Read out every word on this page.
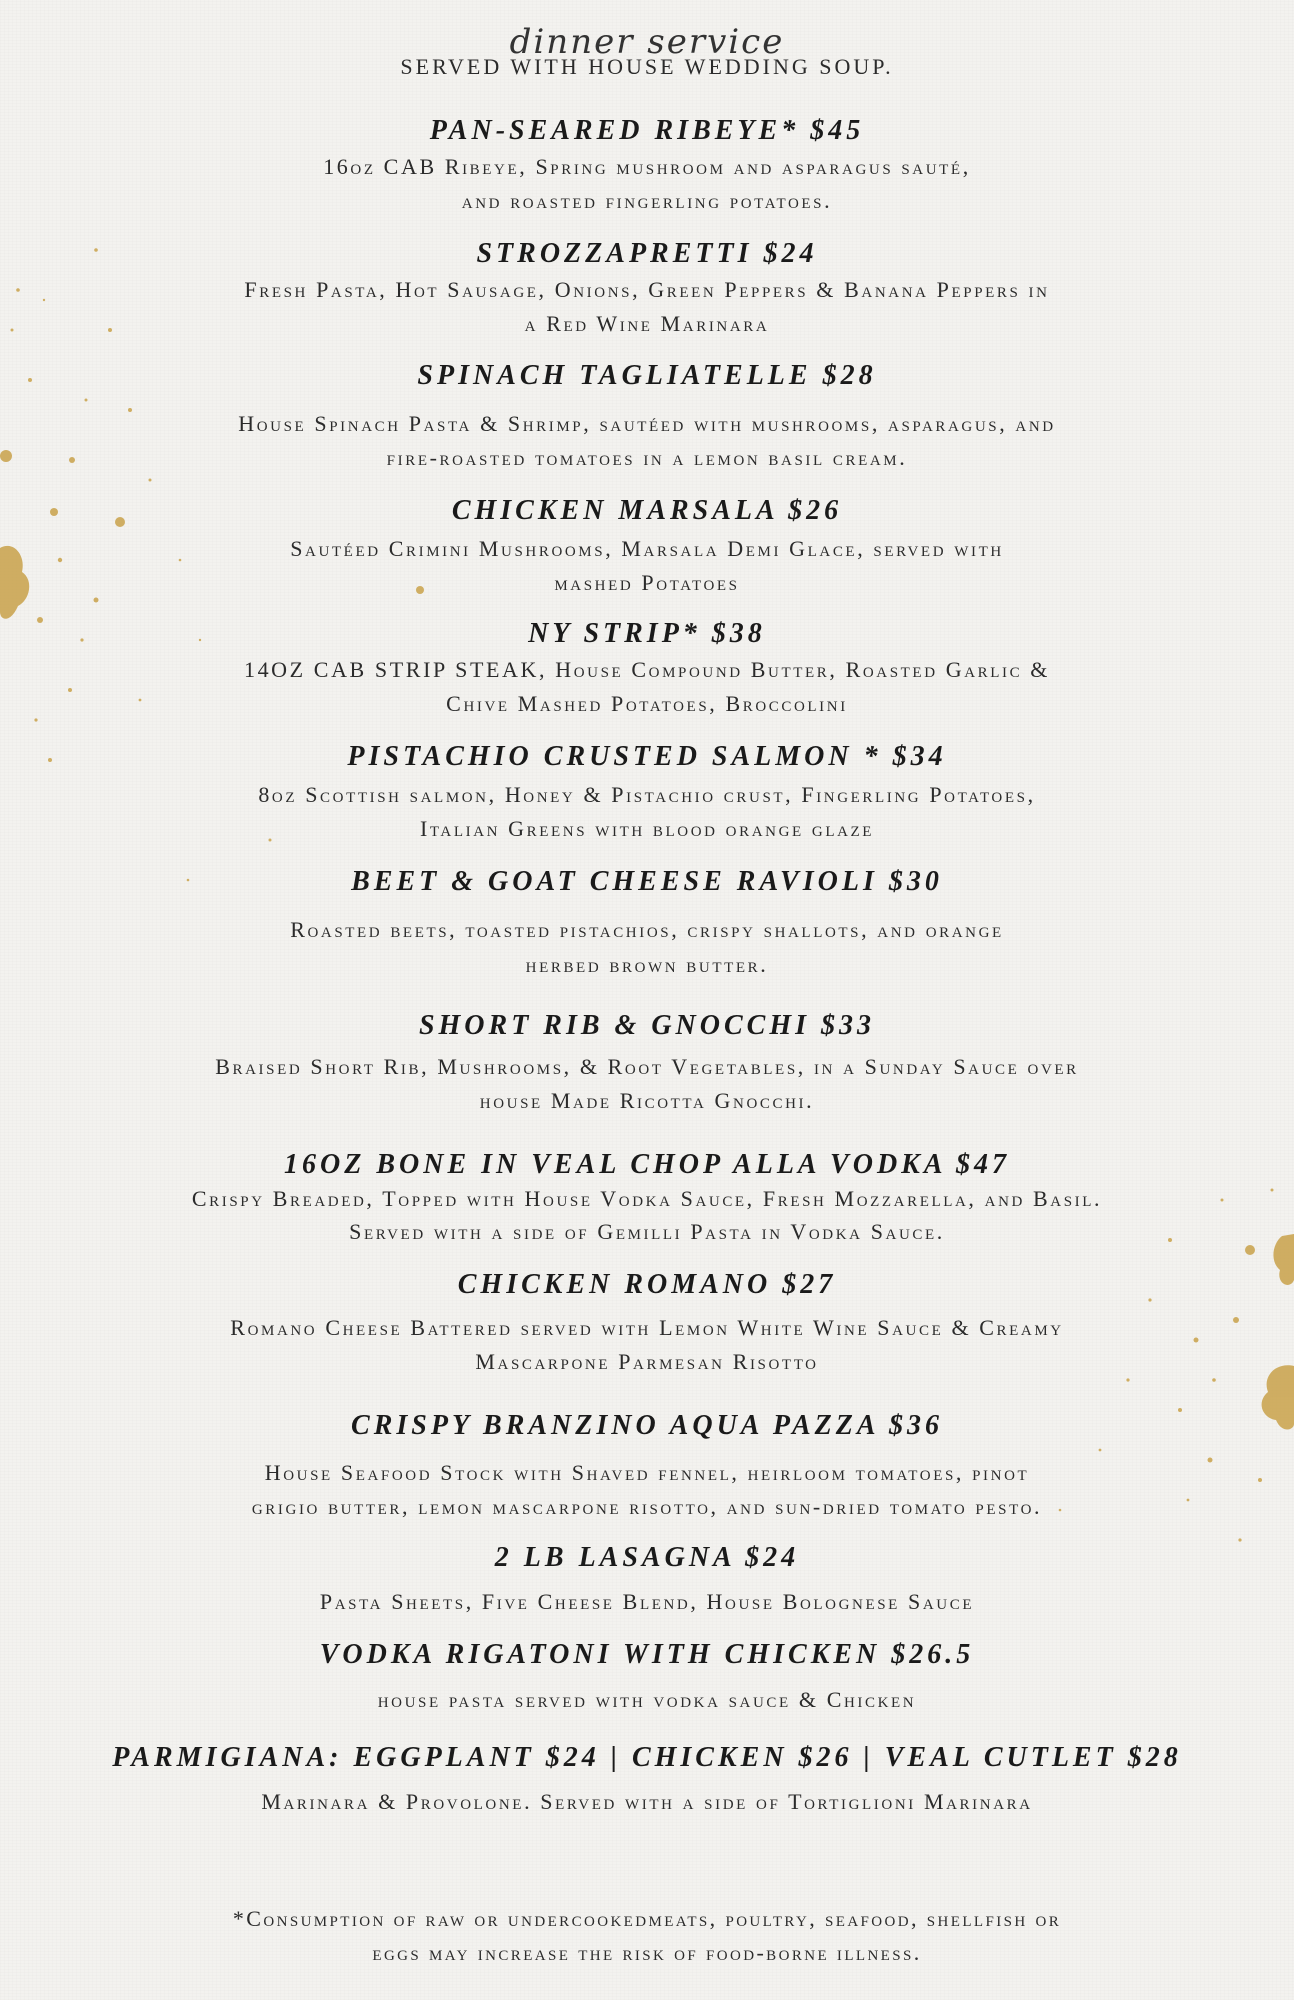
dinner service
SERVED WITH HOUSE WEDDING SOUP.
PAN-SEARED RIBEYE* $45
16oz CAB Ribeye, Spring mushroom and asparagus sauté,
and roasted fingerling potatoes.
STROZZAPRETTI $24
Fresh Pasta, Hot Sausage, Onions, Green Peppers & Banana Peppers in
a Red Wine Marinara
SPINACH TAGLIATELLE $28
House Spinach Pasta & Shrimp, sautéed with mushrooms, asparagus, and
fire-roasted tomatoes in a lemon basil cream.
CHICKEN MARSALA $26
Sautéed Crimini Mushrooms, Marsala Demi Glace, served with
mashed Potatoes
NY STRIP* $38
14OZ CAB STRIP STEAK, House Compound Butter, Roasted Garlic &
Chive Mashed Potatoes, Broccolini
PISTACHIO CRUSTED SALMON * $34
8oz Scottish salmon, Honey & Pistachio crust, Fingerling Potatoes,
Italian Greens with blood orange glaze
BEET & GOAT CHEESE RAVIOLI $30
Roasted beets, toasted pistachios, crispy shallots, and orange
herbed brown butter.
SHORT RIB & GNOCCHI $33
Braised Short Rib, Mushrooms, & Root Vegetables, in a Sunday Sauce over
house Made Ricotta Gnocchi.
16OZ BONE IN VEAL CHOP ALLA VODKA $47
Crispy Breaded, Topped with House Vodka Sauce, Fresh Mozzarella, and Basil.
Served with a side of Gemilli Pasta in Vodka Sauce.
CHICKEN ROMANO $27
Romano Cheese Battered served with Lemon White Wine Sauce & Creamy
Mascarpone Parmesan Risotto
CRISPY BRANZINO AQUA PAZZA $36
House Seafood Stock with Shaved fennel, heirloom tomatoes, pinot
grigio butter, lemon mascarpone risotto, and sun-dried tomato pesto.
2 LB LASAGNA $24
Pasta Sheets, Five Cheese Blend, House Bolognese Sauce
VODKA RIGATONI WITH CHICKEN $26.5
house pasta served with vodka sauce & Chicken
PARMIGIANA: EGGPLANT $24 | CHICKEN $26 | VEAL CUTLET $28
Marinara & Provolone. Served with a side of Tortiglioni Marinara
*Consumption of raw or undercookedmeats, poultry, seafood, shellfish or
eggs may increase the risk of food-borne illness.
